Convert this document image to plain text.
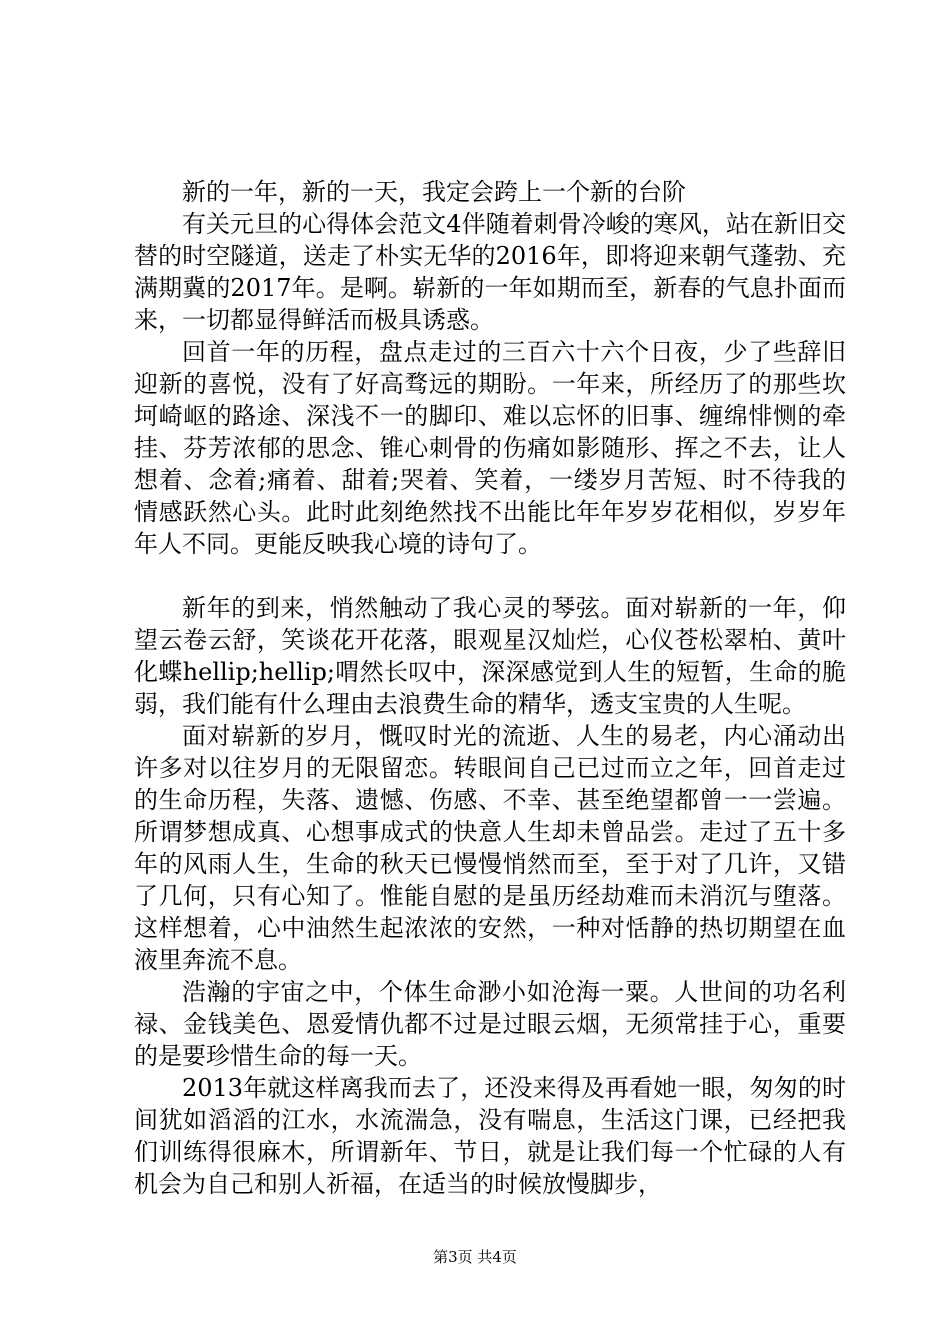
新的一年，新的一天，我定会跨上一个新的台阶

有关元旦的心得体会范文4伴随着刺骨冷峻的寒风，站在新旧交替的时空隧道，送走了朴实无华的2016年，即将迎来朝气蓬勃、充满期冀的2017年。是啊。崭新的一年如期而至，新春的气息扑面而来，一切都显得鲜活而极具诱惑。

回首一年的历程，盘点走过的三百六十六个日夜，少了些辞旧迎新的喜悦，没有了好高骛远的期盼。一年来，所经历了的那些坎坷崎岖的路途、深浅不一的脚印、难以忘怀的旧事、缠绵悱恻的牵挂、芬芳浓郁的思念、锥心刺骨的伤痛如影随形、挥之不去，让人想着、念着;痛着、甜着;哭着、笑着，一缕岁月苦短、时不待我的情感跃然心头。此时此刻绝然找不出能比年年岁岁花相似，岁岁年年人不同。更能反映我心境的诗句了。

新年的到来，悄然触动了我心灵的琴弦。面对崭新的一年，仰望云卷云舒，笑谈花开花落，眼观星汉灿烂，心仪苍松翠柏、黄叶化蝶hellip;hellip;喟然长叹中，深深感觉到人生的短暂，生命的脆弱，我们能有什么理由去浪费生命的精华，透支宝贵的人生呢。

面对崭新的岁月，慨叹时光的流逝、人生的易老，内心涌动出许多对以往岁月的无限留恋。转眼间自己已过而立之年，回首走过的生命历程，失落、遗憾、伤感、不幸、甚至绝望都曾一一尝遍。所谓梦想成真、心想事成式的快意人生却未曾品尝。走过了五十多年的风雨人生，生命的秋天已慢慢悄然而至，至于对了几许，又错了几何，只有心知了。惟能自慰的是虽历经劫难而未消沉与堕落。这样想着，心中油然生起浓浓的安然，一种对恬静的热切期望在血液里奔流不息。

浩瀚的宇宙之中，个体生命渺小如沧海一粟。人世间的功名利禄、金钱美色、恩爱情仇都不过是过眼云烟，无须常挂于心，重要的是要珍惜生命的每一天。

2013年就这样离我而去了，还没来得及再看她一眼，匆匆的时间犹如滔滔的江水，水流湍急，没有喘息，生活这门课，已经把我们训练得很麻木，所谓新年、节日，就是让我们每一个忙碌的人有机会为自己和别人祈福，在适当的时候放慢脚步，

第3页 共4页
